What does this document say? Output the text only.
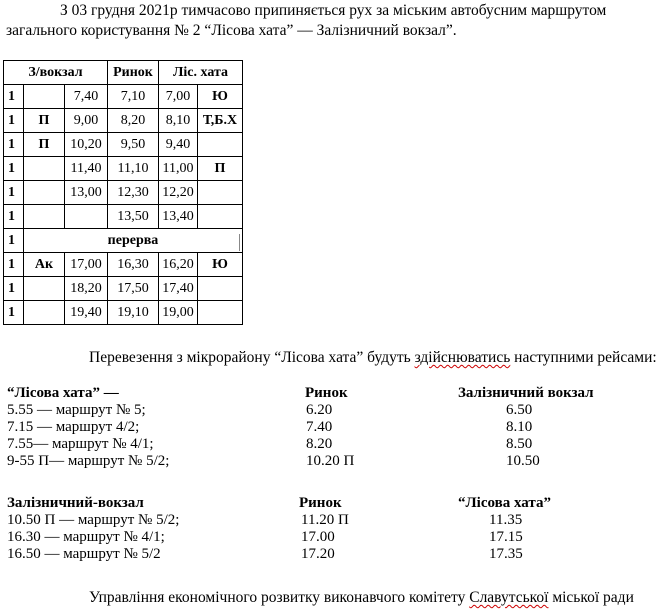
З 03 грудня 2021р тимчасово припиняється рух за міським автобусним маршрутом
загального користування № 2 “Лісова хата” — Залізничний вокзал”.
З/вокзал			Ринок	Ліс. хата	
1		7,40	7,10	7,00	Ю
1	П	9,00	8,20	8,10	Т,Б.Х
1	П	10,20	9,50	9,40	
1		11,40	11,10	11,00	П
1		13,00	12,30	12,20	
1			13,50	13,40	
1	перерва				
1	Ак	17,00	16,30	16,20	Ю
1		18,20	17,50	17,40	
1		19,40	19,10	19,00	
Перевезення з мікрорайону “Лісова хата” будуть здійснюватись наступними рейсами:
“Лісова хата” —	Ринок	Залізничний вокзал
5.55 — маршрут № 5;	6.20	6.50
7.15 — маршрут 4/2;	7.40	8.10
7.55— маршрут № 4/1;	8.20	8.50
9-55 П— маршрут № 5/2;	10.20 П	10.50
Залізничний-вокзал	Ринок	“Лісова хата”
10.50 П — маршрут № 5/2;	11.20 П	11.35
16.30 — маршрут № 4/1;	17.00	17.15
16.50 — маршрут № 5/2	17.20	17.35
Управління економічного розвитку виконавчого комітету Славутської міської ради
